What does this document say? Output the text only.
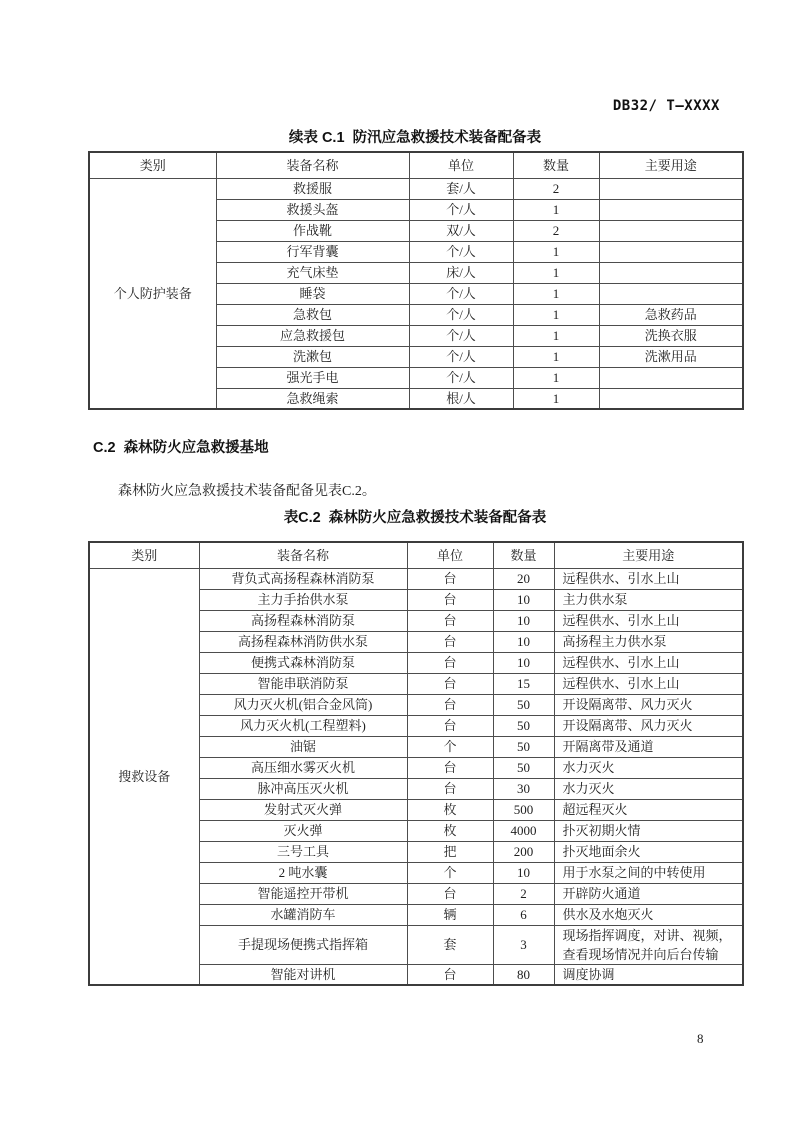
DB32/ T—XXXX
续表 C.1  防汛应急救援技术装备配备表
类别	装备名称	单位	数量	主要用途
个人防护装备	救援服	套/人	2	
	救援头盔	个/人	1	
	作战靴	双/人	2	
	行军背囊	个/人	1	
	充气床垫	床/人	1	
	睡袋	个/人	1	
	急救包	个/人	1	急救药品
	应急救援包	个/人	1	洗换衣服
	洗漱包	个/人	1	洗漱用品
	强光手电	个/人	1	
	急救绳索	根/人	1	
C.2  森林防火应急救援基地
森林防火应急救援技术装备配备见表C.2。
表C.2  森林防火应急救援技术装备配备表
类别	装备名称	单位	数量	主要用途
搜救设备	背负式高扬程森林消防泵	台	20	远程供水、引水上山
	主力手抬供水泵	台	10	主力供水泵
	高扬程森林消防泵	台	10	远程供水、引水上山
	高扬程森林消防供水泵	台	10	高扬程主力供水泵
	便携式森林消防泵	台	10	远程供水、引水上山
	智能串联消防泵	台	15	远程供水、引水上山
	风力灭火机(铝合金风筒)	台	50	开设隔离带、风力灭火
	风力灭火机(工程塑料)	台	50	开设隔离带、风力灭火
	油锯	个	50	开隔离带及通道
	高压细水雾灭火机	台	50	水力灭火
	脉冲高压灭火机	台	30	水力灭火
	发射式灭火弹	枚	500	超远程灭火
	灭火弹	枚	4000	扑灭初期火情
	三号工具	把	200	扑灭地面余火
	2 吨水囊	个	10	用于水泵之间的中转使用
	智能遥控开带机	台	2	开辟防火通道
	水罐消防车	辆	6	供水及水炮灭火
	手提现场便携式指挥箱	套	3	现场指挥调度，对讲、视频，查看现场情况并向后台传输
	智能对讲机	台	80	调度协调
8
